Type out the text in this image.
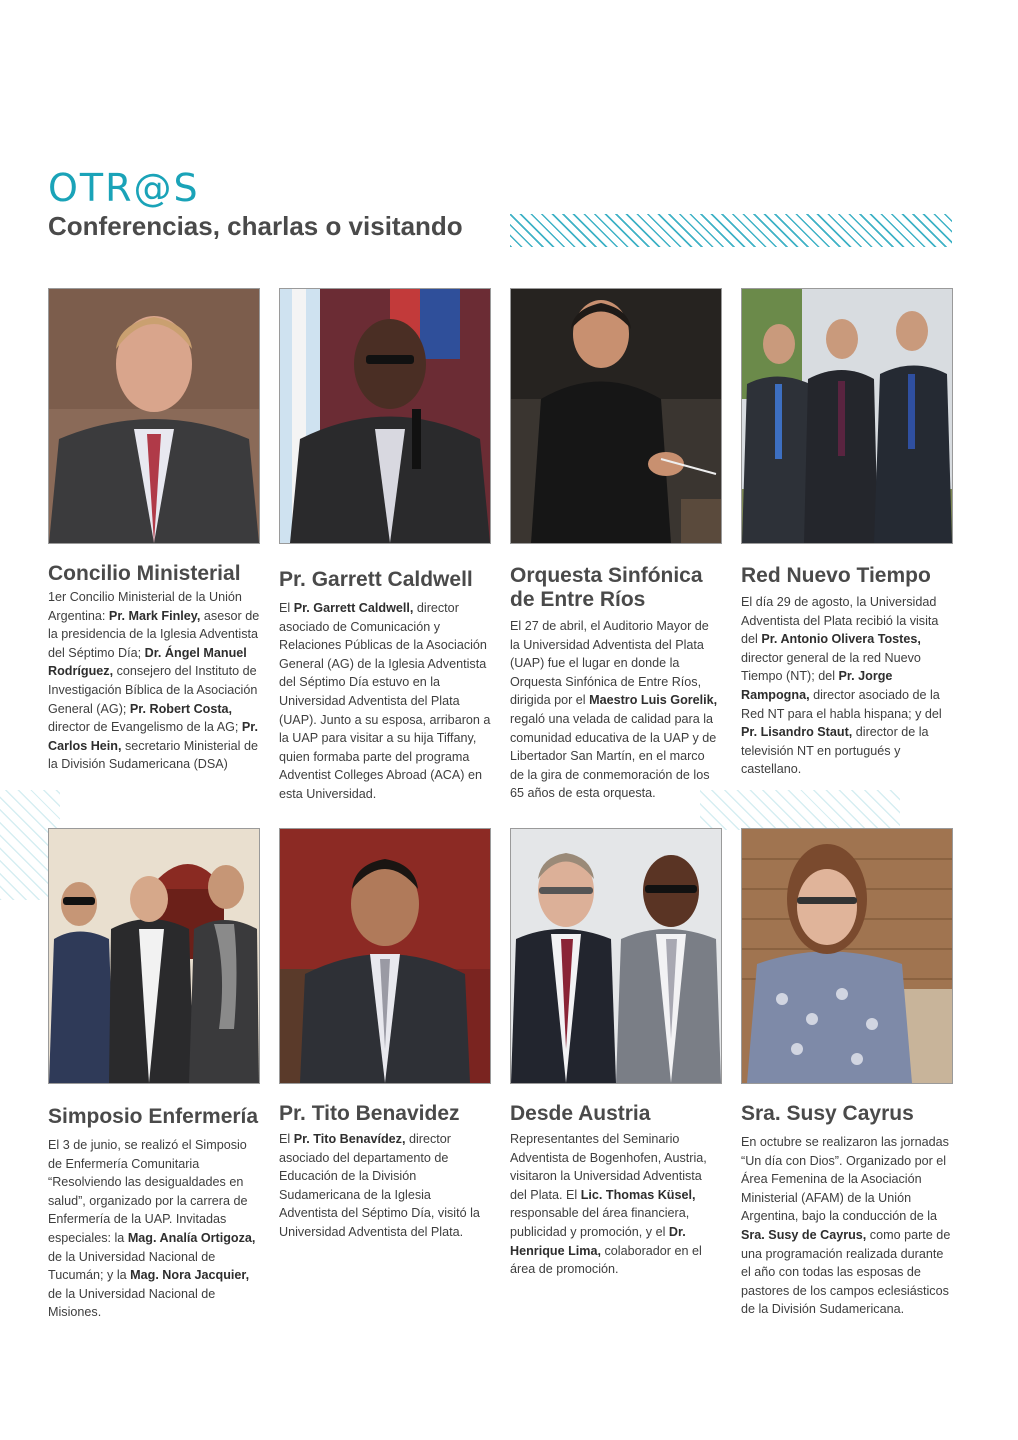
OTR@S
Conferencias, charlas o visitando
Concilio Ministerial

1er Concilio Ministerial de la Unión Argentina: Pr. Mark Finley, asesor de la presidencia de la Iglesia Adventista del Séptimo Día; Dr. Ángel Manuel Rodríguez, consejero del Instituto de Investigación Bíblica de la Asociación General (AG); Pr. Robert Costa, director de Evangelismo de la AG; Pr. Carlos Hein, secretario Ministerial de la División Sudamericana (DSA)

Pr. Garrett Caldwell

El Pr. Garrett Caldwell, director asociado de Comunicación y Relaciones Públicas de la Asociación General (AG) de la Iglesia Adventista del Séptimo Día estuvo en la Universidad Adventista del Plata (UAP). Junto a su esposa, arribaron a la UAP para visitar a su hija Tiffany, quien formaba parte del programa Adventist Colleges Abroad (ACA) en esta Universidad.

Orquesta Sinfónica de Entre Ríos

El 27 de abril, el Auditorio Mayor de la Universidad Adventista del Plata (UAP) fue el lugar en donde la Orquesta Sinfónica de Entre Ríos, dirigida por el Maestro Luis Gorelik, regaló una velada de calidad para la comunidad educativa de la UAP y de Libertador San Martín, en el marco de la gira de conmemoración de los 65 años de esta orquesta.

Red Nuevo Tiempo

El día 29 de agosto, la Universidad Adventista del Plata recibió la visita del Pr. Antonio Olivera Tostes, director general de la red Nuevo Tiempo (NT); del Pr. Jorge Rampogna, director asociado de la Red NT para el habla hispana; y del Pr. Lisandro Staut, director de la televisión NT en portugués y castellano.

Simposio Enfermería

El 3 de junio, se realizó el Simposio de Enfermería Comunitaria “Resolviendo las desigualdades en salud”, organizado por la carrera de Enfermería de la UAP. Invitadas especiales: la Mag. Analía Ortigoza, de la Universidad Nacional de Tucumán; y la Mag. Nora Jacquier, de la Universidad Nacional de Misiones.

Pr. Tito Benavidez

El Pr. Tito Benavídez, director asociado del departamento de Educación de la División Sudamericana de la Iglesia Adventista del Séptimo Día, visitó la Universidad Adventista del Plata.

Desde Austria

Representantes del Seminario Adventista de Bogenhofen, Austria, visitaron la Universidad Adventista del Plata. El Lic. Thomas Küsel, responsable del área financiera, publicidad y promoción, y el Dr. Henrique Lima, colaborador en el área de promoción.

Sra. Susy Cayrus

En octubre se realizaron las jornadas “Un día con Dios”. Organizado por el Área Femenina de la Asociación Ministerial (AFAM) de la Unión Argentina, bajo la conducción de la Sra. Susy de Cayrus, como parte de una programación realizada durante el año con todas las esposas de pastores de los campos eclesiásticos de la División Sudamericana.
